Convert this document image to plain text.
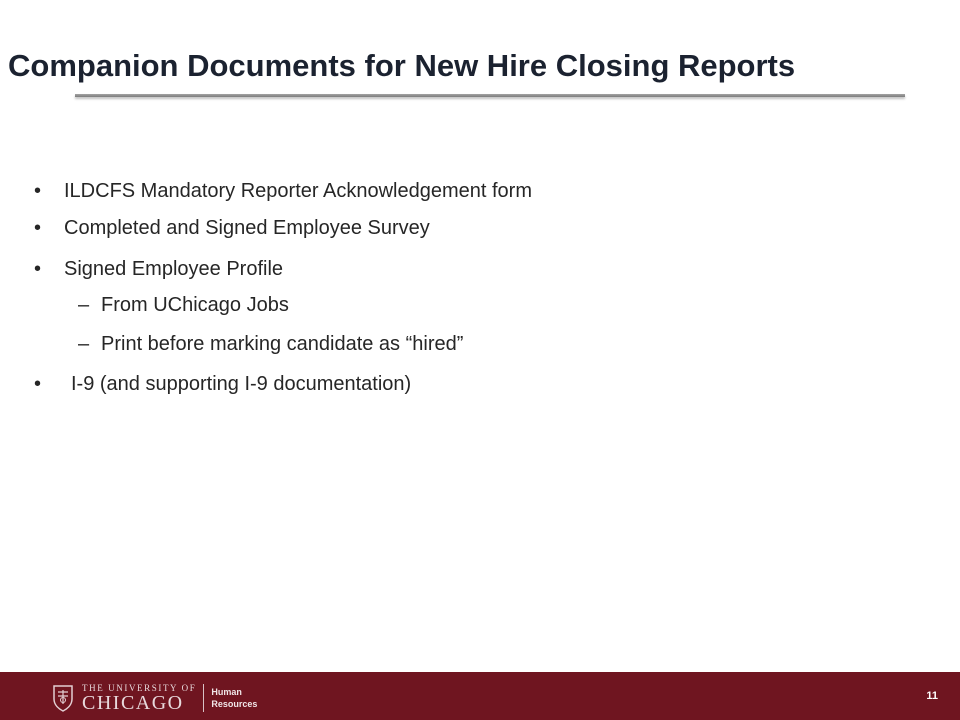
Companion Documents for New Hire Closing Reports
• ILDCFS Mandatory Reporter Acknowledgement form
• Completed and Signed Employee Survey
• Signed Employee Profile
– From UChicago Jobs
– Print before marking candidate as “hired”
• I-9 (and supporting I-9 documentation)
THE UNIVERSITY OF
CHICAGO	Human
Resources
11
